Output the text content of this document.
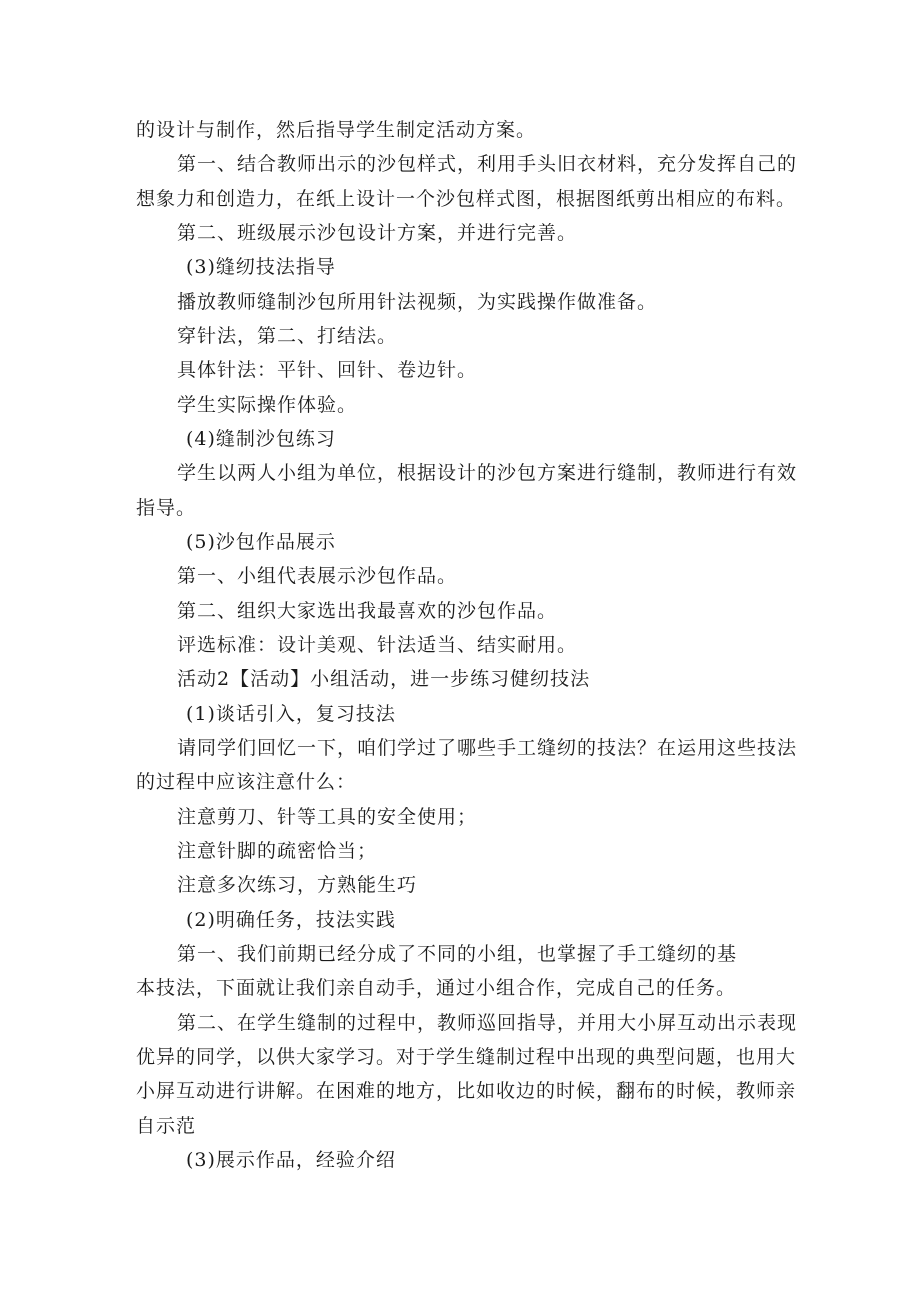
的设计与制作，然后指导学生制定活动方案。
第一、结合教师出示的沙包样式，利用手头旧衣材料，充分发挥自己的
想象力和创造力，在纸上设计一个沙包样式图，根据图纸剪出相应的布料。
第二、班级展示沙包设计方案，并进行完善。
(3)缝纫技法指导
播放教师缝制沙包所用针法视频，为实践操作做准备。
穿针法，第二、打结法。
具体针法：平针、回针、卷边针。
学生实际操作体验。
(4)缝制沙包练习
学生以两人小组为单位，根据设计的沙包方案进行缝制，教师进行有效
指导。
(5)沙包作品展示
第一、小组代表展示沙包作品。
第二、组织大家选出我最喜欢的沙包作品。
评选标准：设计美观、针法适当、结实耐用。
活动2【活动】小组活动，进一步练习健纫技法
(1)谈话引入，复习技法
请同学们回忆一下，咱们学过了哪些手工缝纫的技法？在运用这些技法
的过程中应该注意什么：
注意剪刀、针等工具的安全使用；
注意针脚的疏密恰当；
注意多次练习，方熟能生巧
(2)明确任务，技法实践
第一、我们前期已经分成了不同的小组，也掌握了手工缝纫的基
本技法，下面就让我们亲自动手，通过小组合作，完成自己的任务。
第二、在学生缝制的过程中，教师巡回指导，并用大小屏互动出示表现
优异的同学，以供大家学习。对于学生缝制过程中出现的典型问题，也用大
小屏互动进行讲解。在困难的地方，比如收边的时候，翻布的时候，教师亲
自示范
(3)展示作品，经验介绍
